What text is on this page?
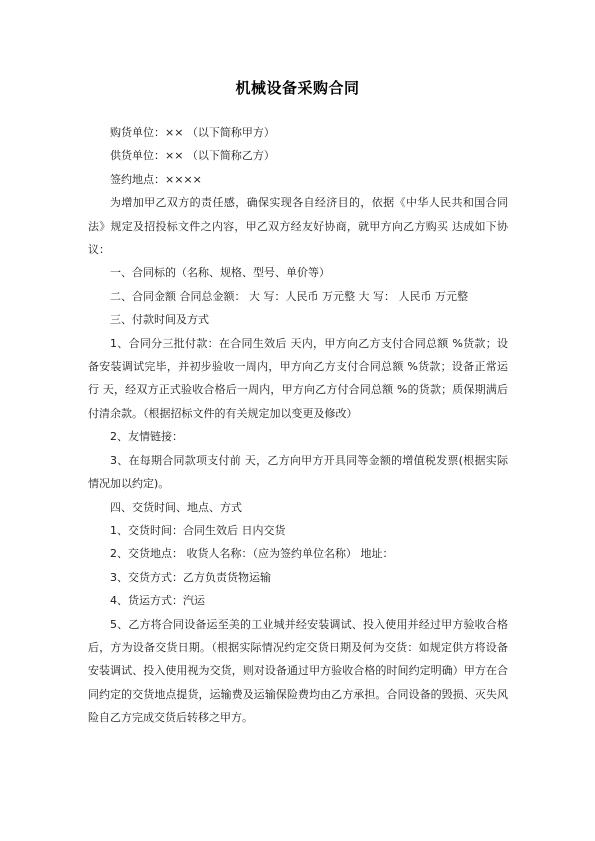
机械设备采购合同

购货单位：×× （以下简称甲方）

供货单位：×× （以下简称乙方）

签约地点：××××

为增加甲乙双方的责任感，确保实现各自经济目的，依据《中华人民共和国合同法》规定及招投标文件之内容，甲乙双方经友好协商，就甲方向乙方购买 达成如下协议：

一、合同标的（名称、规格、型号、单价等）

二、合同金额 合同总金额： 大 写：人民币 万元整 大 写： 人民币 万元整

三、付款时间及方式

1、合同分三批付款：在合同生效后 天内，甲方向乙方支付合同总额 %货款；设备安装调试完毕，并初步验收一周内，甲方向乙方支付合同总额 %货款；设备正常运行 天，经双方正式验收合格后一周内，甲方向乙方付合同总额 %的货款；质保期满后付清余款。（根据招标文件的有关规定加以变更及修改）

2、友情链接：

3、在每期合同款项支付前 天，乙方向甲方开具同等金额的增值税发票(根据实际情况加以约定)。

四、交货时间、地点、方式

1、交货时间：合同生效后 日内交货

2、交货地点： 收货人名称：（应为签约单位名称） 地址：

3、交货方式：乙方负责货物运输

4、货运方式：汽运

5、乙方将合同设备运至美的工业城并经安装调试、投入使用并经过甲方验收合格后，方为设备交货日期。（根据实际情况约定交货日期及何为交货：如规定供方将设备安装调试、投入使用视为交货，则对设备通过甲方验收合格的时间约定明确）甲方在合同约定的交货地点提货，运输费及运输保险费均由乙方承担。合同设备的毁损、灭失风险自乙方完成交货后转移之甲方。
